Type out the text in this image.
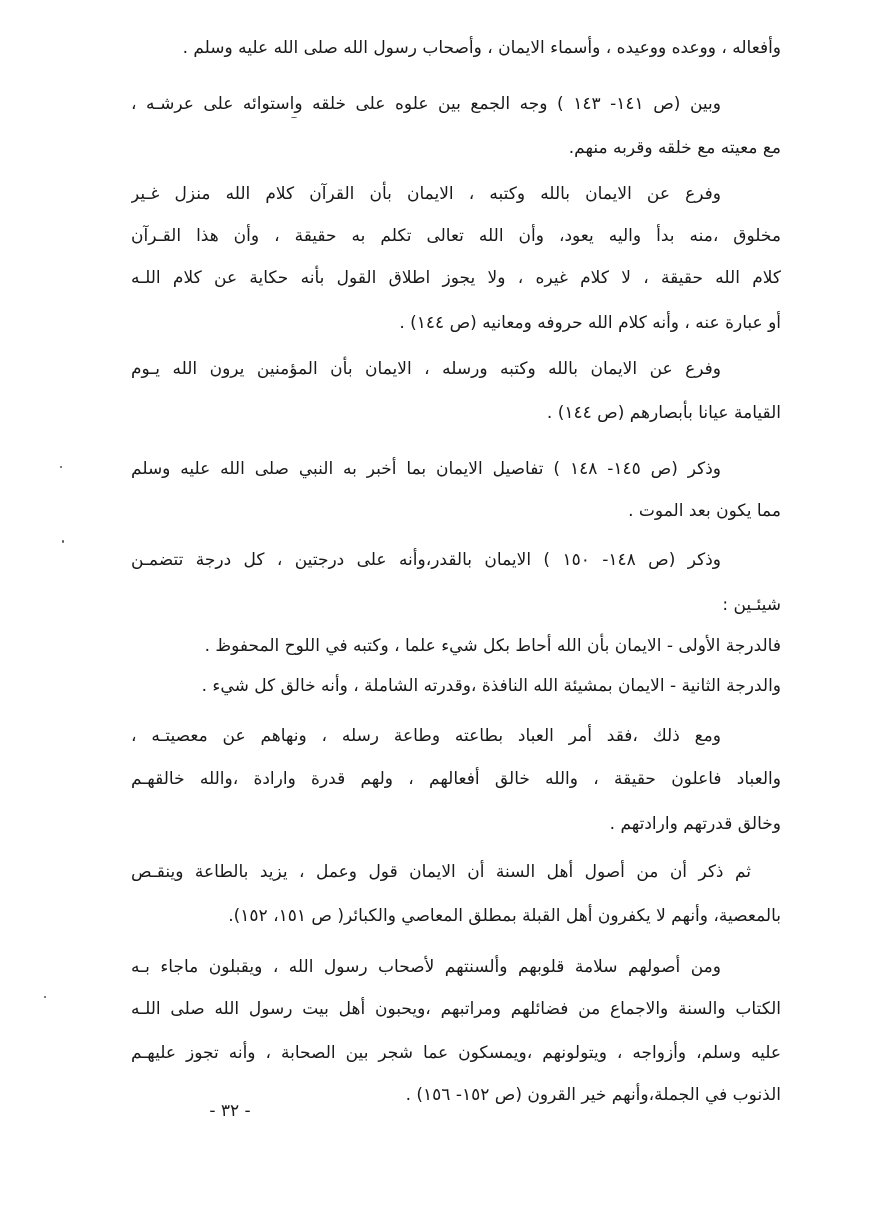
وأفعاله ، ووعده ووعيده ، وأسماء الايمان ، وأصحاب رسول الله صلى الله عليه وسلم .
وبين (ص ١٤١- ١٤٣ ) وجه الجمع بين علوه على خلقه واستوائه على عرشـه ،
مع معيته مع خلقه وقربه منهم.
وفرع عن الايمان بالله وكتبه ، الايمان بأن القرآن كلام الله منزل غـير
مخلوق ،منه بدأ واليه يعود، وأن الله تعالى تكلم به حقيقة ، وأن هذا القـرآن
كلام الله حقيقة ، لا كلام غيره ، ولا يجوز اطلاق القول بأنه حكاية عن كلام اللـه
أو عبارة عنه ، وأنه كلام الله حروفه ومعانيه (ص ١٤٤) .
وفرع عن الايمان بالله وكتبه ورسله ، الايمان بأن المؤمنين يرون الله يـوم
القيامة عيانا بأبصارهم (ص ١٤٤) .
وذكر (ص ١٤٥- ١٤٨ ) تفاصيل الايمان بما أخبر به النبي صلى الله عليه وسلم
مما يكون بعد الموت .
وذكر (ص ١٤٨- ١٥٠ ) الايمان بالقدر،وأنه على درجتين ، كل درجة تتضمـن
شيئـين :
فالدرجة الأولى - الايمان بأن الله أحاط بكل شيء علما ، وكتبه في اللوح المحفوظ .
والدرجة الثانية - الايمان بمشيئة الله النافذة ،وقدرته الشاملة ، وأنه خالق كل شيء .
ومع ذلك ،فقد أمر العباد بطاعته وطاعة رسله ، ونهاهم عن معصيتـه ،
والعباد فاعلون حقيقة ، والله خالق أفعالهم ، ولهم قدرة وارادة ،والله خالقهـم
وخالق قدرتهم وارادتهم .
ثم ذكر أن من أصول أهل السنة أن الايمان قول وعمل ، يزيد بالطاعة وينقـص
بالمعصية، وأنهم لا يكفرون أهل القبلة بمطلق المعاصي والكبائر( ص ١٥١، ١٥٢).
ومن أصولهم سلامة قلوبهم وألسنتهم لأصحاب رسول الله ، ويقبلون ماجاء بـه
الكتاب والسنة والاجماع من فضائلهم ومراتبهم ،ويحبون أهل بيت رسول الله صلى اللـه
عليه وسلم، وأزواجه ، ويتولونهم ،ويمسكون عما شجر بين الصحابة ، وأنه تجوز عليهـم
الذنوب في الجملة،وأنهم خير القرون (ص ١٥٢- ١٥٦) .
- ٣٢ -
